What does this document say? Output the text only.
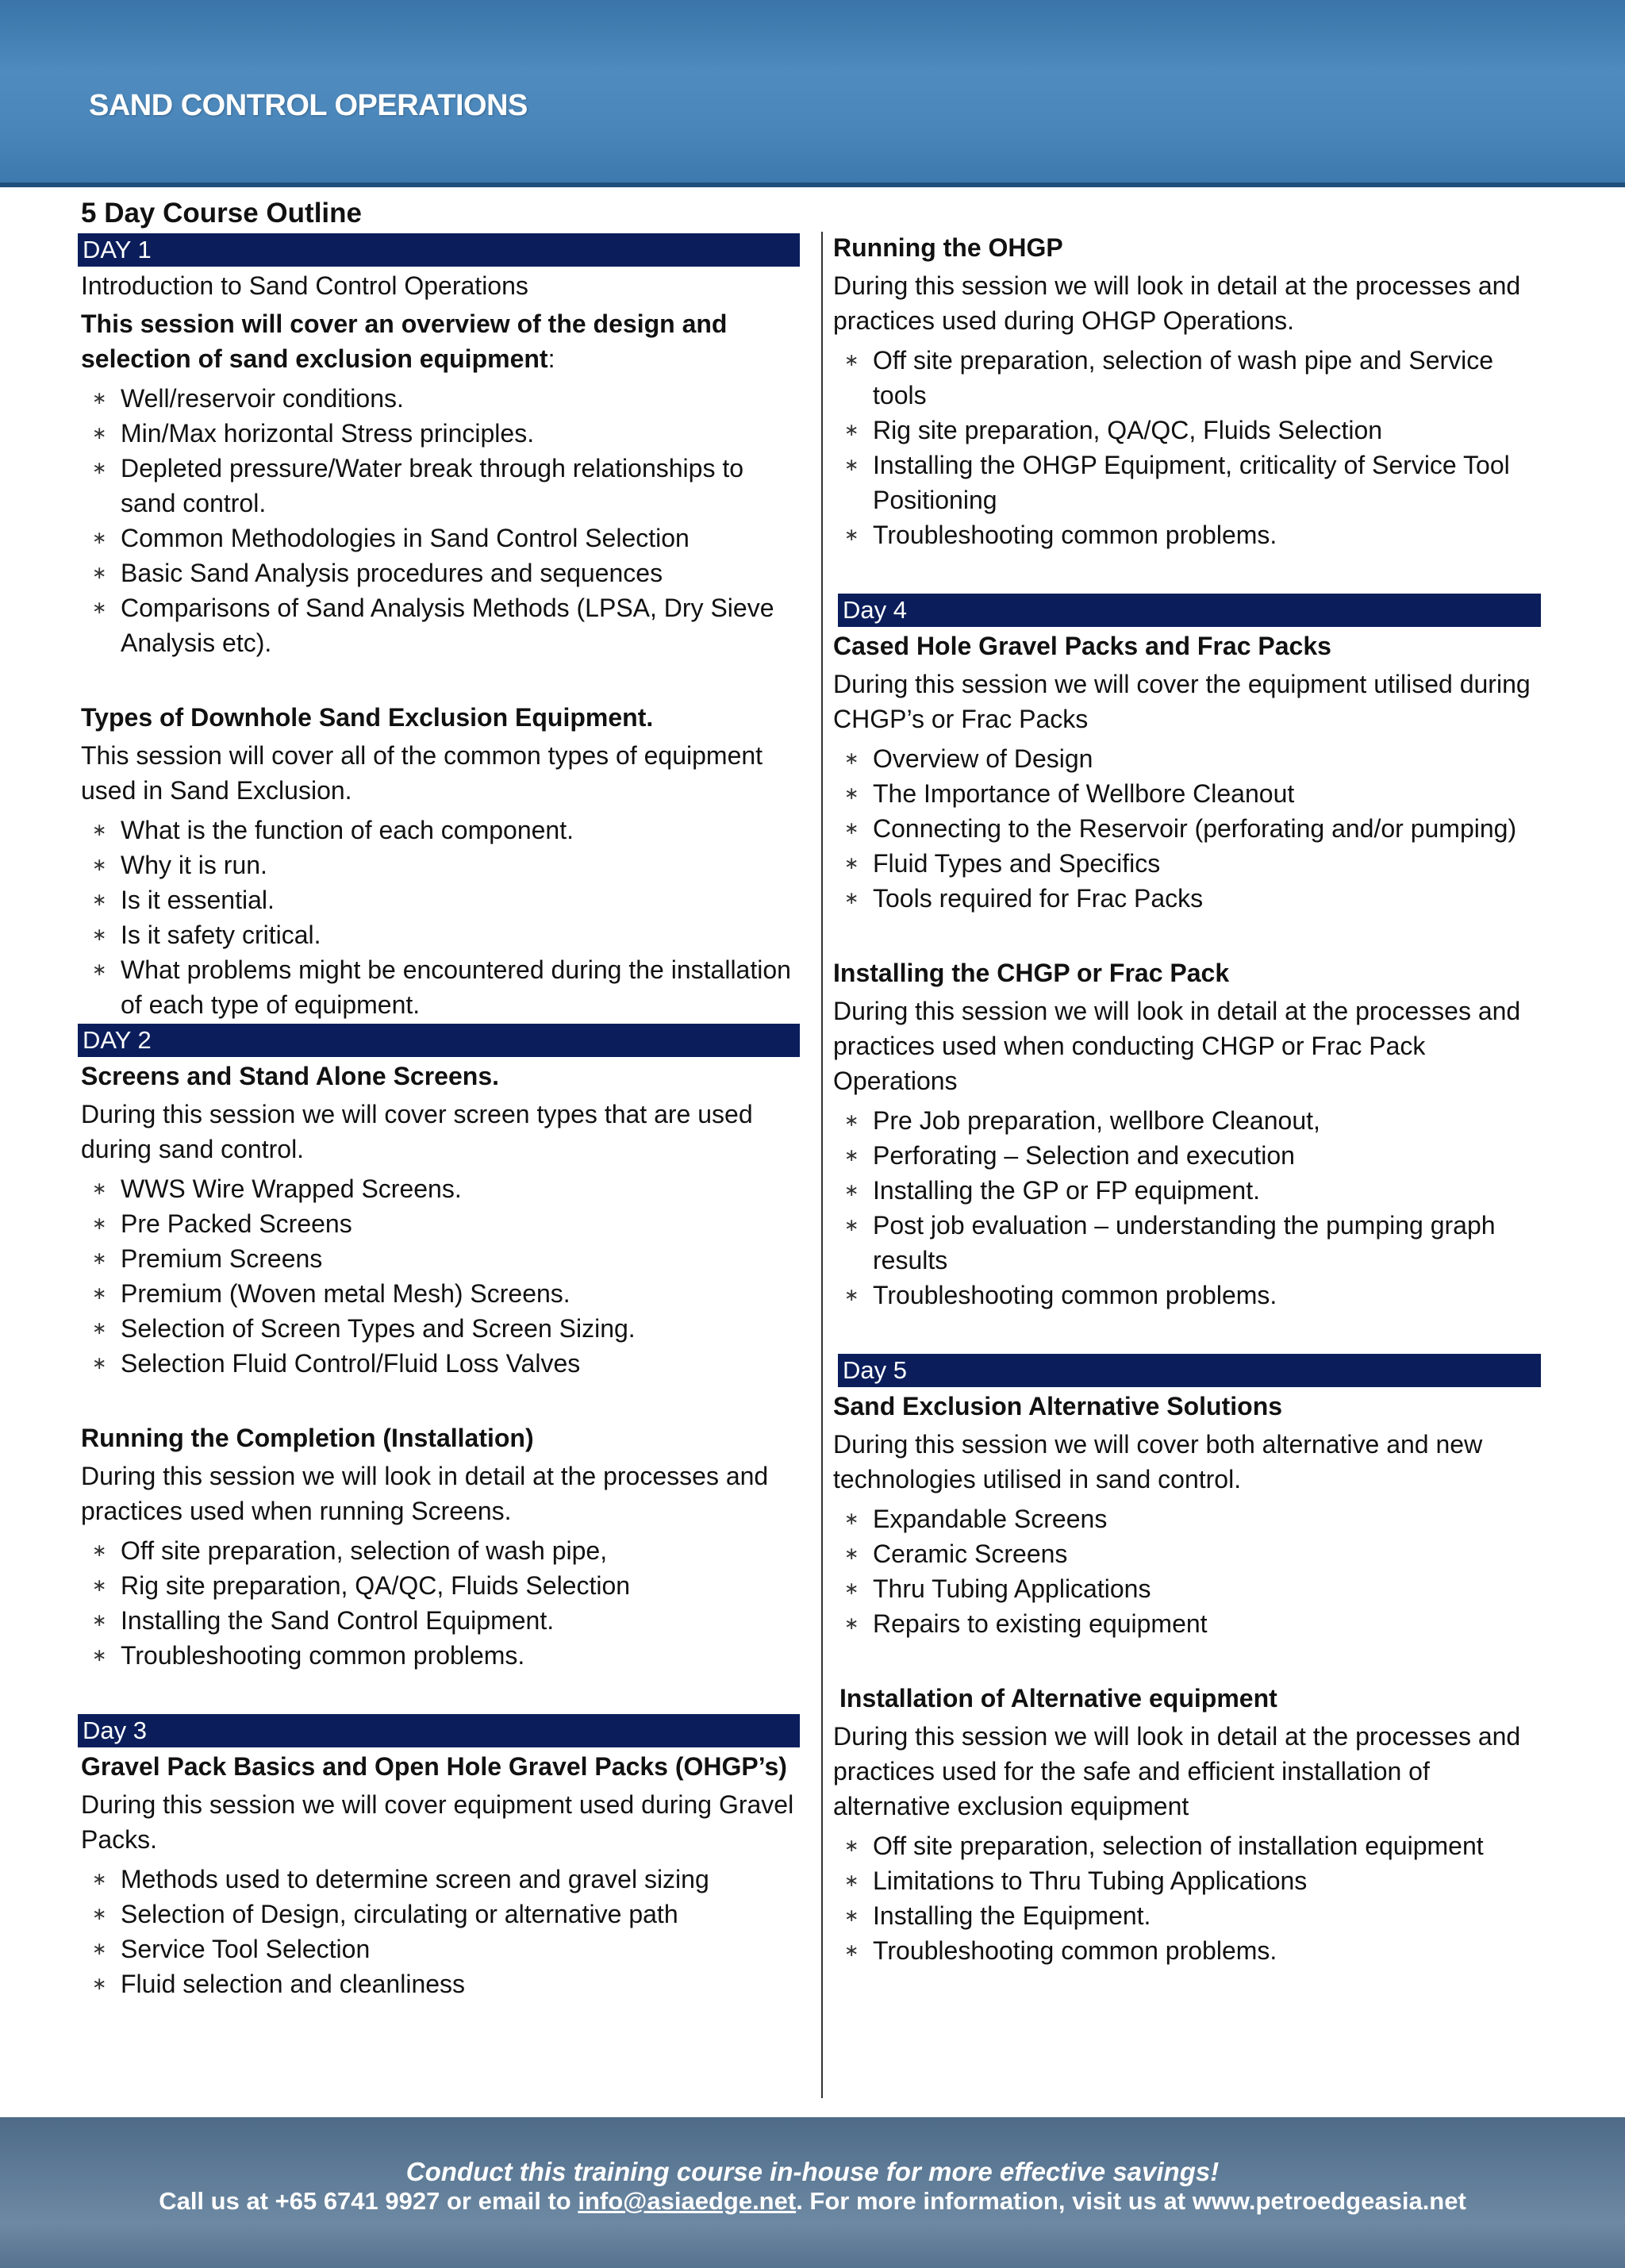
SAND CONTROL OPERATIONS
5 Day Course Outline
DAY 1

Introduction to Sand Control Operations

This session will cover an overview of the design and selection of sand exclusion equipment:

∗ Well/reservoir conditions.
∗ Min/Max horizontal Stress principles.
∗ Depleted pressure/Water break through relationships to sand control.
∗ Common Methodologies in Sand Control Selection
∗ Basic Sand Analysis procedures and sequences
∗ Comparisons of Sand Analysis Methods (LPSA, Dry Sieve Analysis etc).

Types of Downhole Sand Exclusion Equipment.

This session will cover all of the common types of equipment used in Sand Exclusion.

∗ What is the function of each component.
∗ Why it is run.
∗ Is it essential.
∗ Is it safety critical.
∗ What problems might be encountered during the installation of each type of equipment.
DAY 2

Screens and Stand Alone Screens.

During this session we will cover screen types that are used during sand control.

∗ WWS Wire Wrapped Screens.
∗ Pre Packed Screens
∗ Premium Screens
∗ Premium (Woven metal Mesh) Screens.
∗ Selection of Screen Types and Screen Sizing.
∗ Selection Fluid Control/Fluid Loss Valves

Running the Completion (Installation)

During this session we will look in detail at the processes and practices used when running Screens.

∗ Off site preparation, selection of wash pipe,
∗ Rig site preparation, QA/QC, Fluids Selection
∗ Installing the Sand Control Equipment.
∗ Troubleshooting common problems.
Day 3

Gravel Pack Basics and Open Hole Gravel Packs (OHGP’s)

During this session we will cover equipment used during Gravel Packs.

∗ Methods used to determine screen and gravel sizing
∗ Selection of Design, circulating or alternative path
∗ Service Tool Selection
∗ Fluid selection and cleanliness

Running the OHGP

During this session we will look in detail at the processes and practices used during OHGP Operations.

∗ Off site preparation, selection of wash pipe and Service tools
∗ Rig site preparation, QA/QC, Fluids Selection
∗ Installing the OHGP Equipment, criticality of Service Tool Positioning
∗ Troubleshooting common problems.
Day 4

Cased Hole Gravel Packs and Frac Packs

During this session we will cover the equipment utilised during CHGP’s or Frac Packs

∗ Overview of Design
∗ The Importance of Wellbore Cleanout
∗ Connecting to the Reservoir (perforating and/or pumping)
∗ Fluid Types and Specifics
∗ Tools required for Frac Packs

Installing the CHGP or Frac Pack

During this session we will look in detail at the processes and practices used when conducting CHGP or Frac Pack Operations

∗ Pre Job preparation, wellbore Cleanout,
∗ Perforating – Selection and execution
∗ Installing the GP or FP equipment.
∗ Post job evaluation – understanding the pumping graph results
∗ Troubleshooting common problems.
Day 5

Sand Exclusion Alternative Solutions

During this session we will cover both alternative and new technologies utilised in sand control.

∗ Expandable Screens
∗ Ceramic Screens
∗ Thru Tubing Applications
∗ Repairs to existing equipment

Installation of Alternative equipment

During this session we will look in detail at the processes and practices used for the safe and efficient installation of alternative exclusion equipment

∗ Off site preparation, selection of installation equipment
∗ Limitations to Thru Tubing Applications
∗ Installing the Equipment.
∗ Troubleshooting common problems.
Conduct this training course in-house for more effective savings!
Call us at +65 6741 9927 or email to info@asiaedge.net. For more information, visit us at www.petroedgeasia.net
